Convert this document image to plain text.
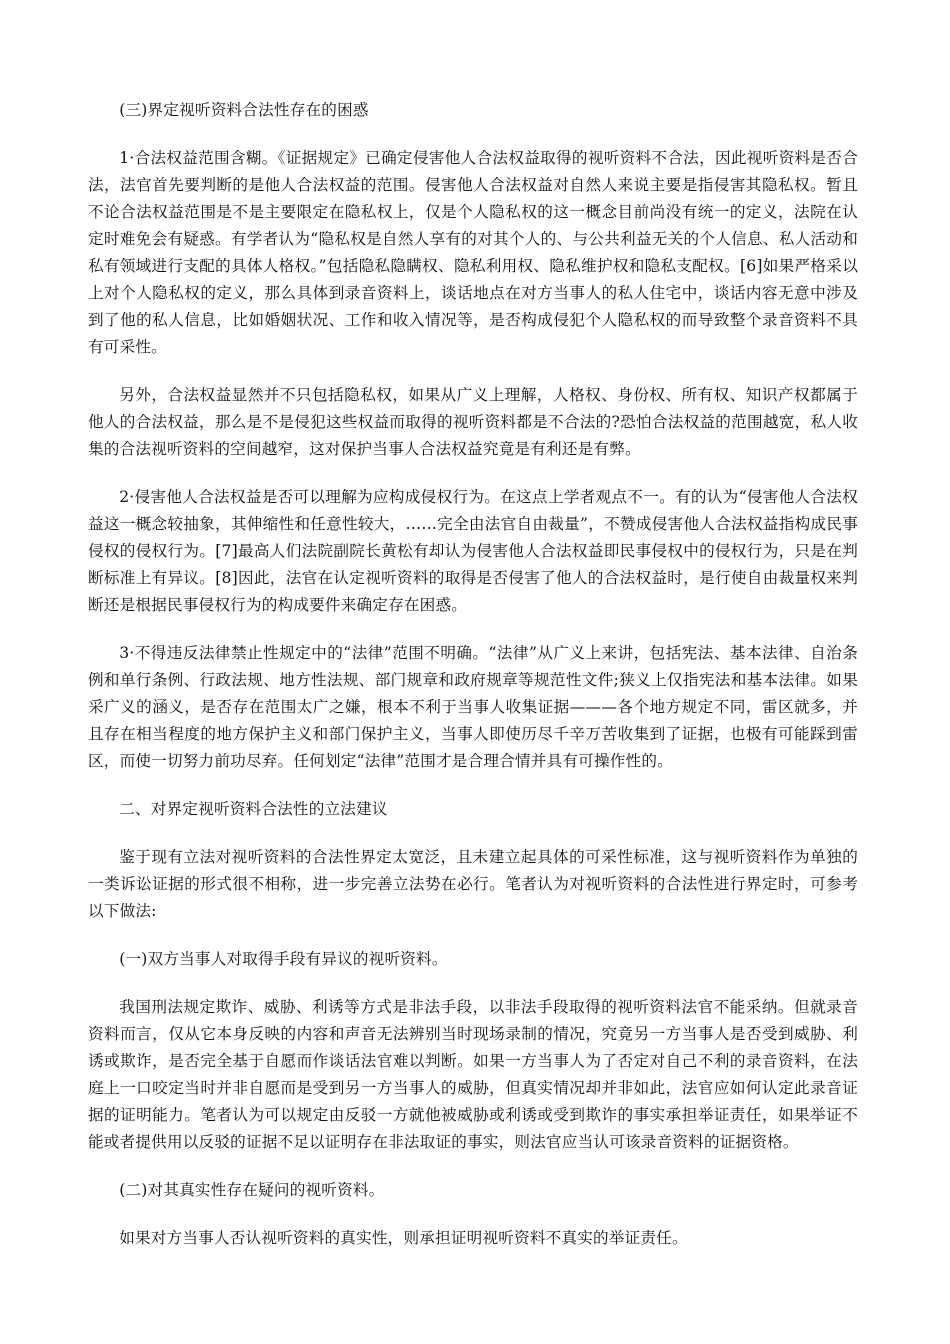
(三)界定视听资料合法性存在的困惑

1·合法权益范围含糊。《证据规定》已确定侵害他人合法权益取得的视听资料不合法，因此视听资料是否合法，法官首先要判断的是他人合法权益的范围。侵害他人合法权益对自然人来说主要是指侵害其隐私权。暂且不论合法权益范围是不是主要限定在隐私权上，仅是个人隐私权的这一概念目前尚没有统一的定义，法院在认定时难免会有疑惑。有学者认为“隐私权是自然人享有的对其个人的、与公共利益无关的个人信息、私人活动和私有领域进行支配的具体人格权。”包括隐私隐瞒权、隐私利用权、隐私维护权和隐私支配权。[6]如果严格采以上对个人隐私权的定义，那么具体到录音资料上，谈话地点在对方当事人的私人住宅中，谈话内容无意中涉及到了他的私人信息，比如婚姻状况、工作和收入情况等，是否构成侵犯个人隐私权的而导致整个录音资料不具有可采性。

另外，合法权益显然并不只包括隐私权，如果从广义上理解，人格权、身份权、所有权、知识产权都属于他人的合法权益，那么是不是侵犯这些权益而取得的视听资料都是不合法的?恐怕合法权益的范围越宽，私人收集的合法视听资料的空间越窄，这对保护当事人合法权益究竟是有利还是有弊。

2·侵害他人合法权益是否可以理解为应构成侵权行为。在这点上学者观点不一。有的认为“侵害他人合法权益这一概念较抽象，其伸缩性和任意性较大，……完全由法官自由裁量”，不赞成侵害他人合法权益指构成民事侵权的侵权行为。[7]最高人们法院副院长黄松有却认为侵害他人合法权益即民事侵权中的侵权行为，只是在判断标准上有异议。[8]因此，法官在认定视听资料的取得是否侵害了他人的合法权益时，是行使自由裁量权来判断还是根据民事侵权行为的构成要件来确定存在困惑。

3·不得违反法律禁止性规定中的“法律”范围不明确。“法律”从广义上来讲，包括宪法、基本法律、自治条例和单行条例、行政法规、地方性法规、部门规章和政府规章等规范性文件;狭义上仅指宪法和基本法律。如果采广义的涵义，是否存在范围太广之嫌，根本不利于当事人收集证据———各个地方规定不同，雷区就多，并且存在相当程度的地方保护主义和部门保护主义，当事人即使历尽千辛万苦收集到了证据，也极有可能踩到雷区，而使一切努力前功尽弃。任何划定“法律”范围才是合理合情并具有可操作性的。

二、对界定视听资料合法性的立法建议

鉴于现有立法对视听资料的合法性界定太宽泛，且未建立起具体的可采性标准，这与视听资料作为单独的一类诉讼证据的形式很不相称，进一步完善立法势在必行。笔者认为对视听资料的合法性进行界定时，可参考以下做法:

(一)双方当事人对取得手段有异议的视听资料。

我国刑法规定欺诈、威胁、利诱等方式是非法手段，以非法手段取得的视听资料法官不能采纳。但就录音资料而言，仅从它本身反映的内容和声音无法辨别当时现场录制的情况，究竟另一方当事人是否受到威胁、利诱或欺诈，是否完全基于自愿而作谈话法官难以判断。如果一方当事人为了否定对自己不利的录音资料，在法庭上一口咬定当时并非自愿而是受到另一方当事人的威胁，但真实情况却并非如此，法官应如何认定此录音证据的证明能力。笔者认为可以规定由反驳一方就他被威胁或利诱或受到欺诈的事实承担举证责任，如果举证不能或者提供用以反驳的证据不足以证明存在非法取证的事实，则法官应当认可该录音资料的证据资格。

(二)对其真实性存在疑问的视听资料。

如果对方当事人否认视听资料的真实性，则承担证明视听资料不真实的举证责任。
